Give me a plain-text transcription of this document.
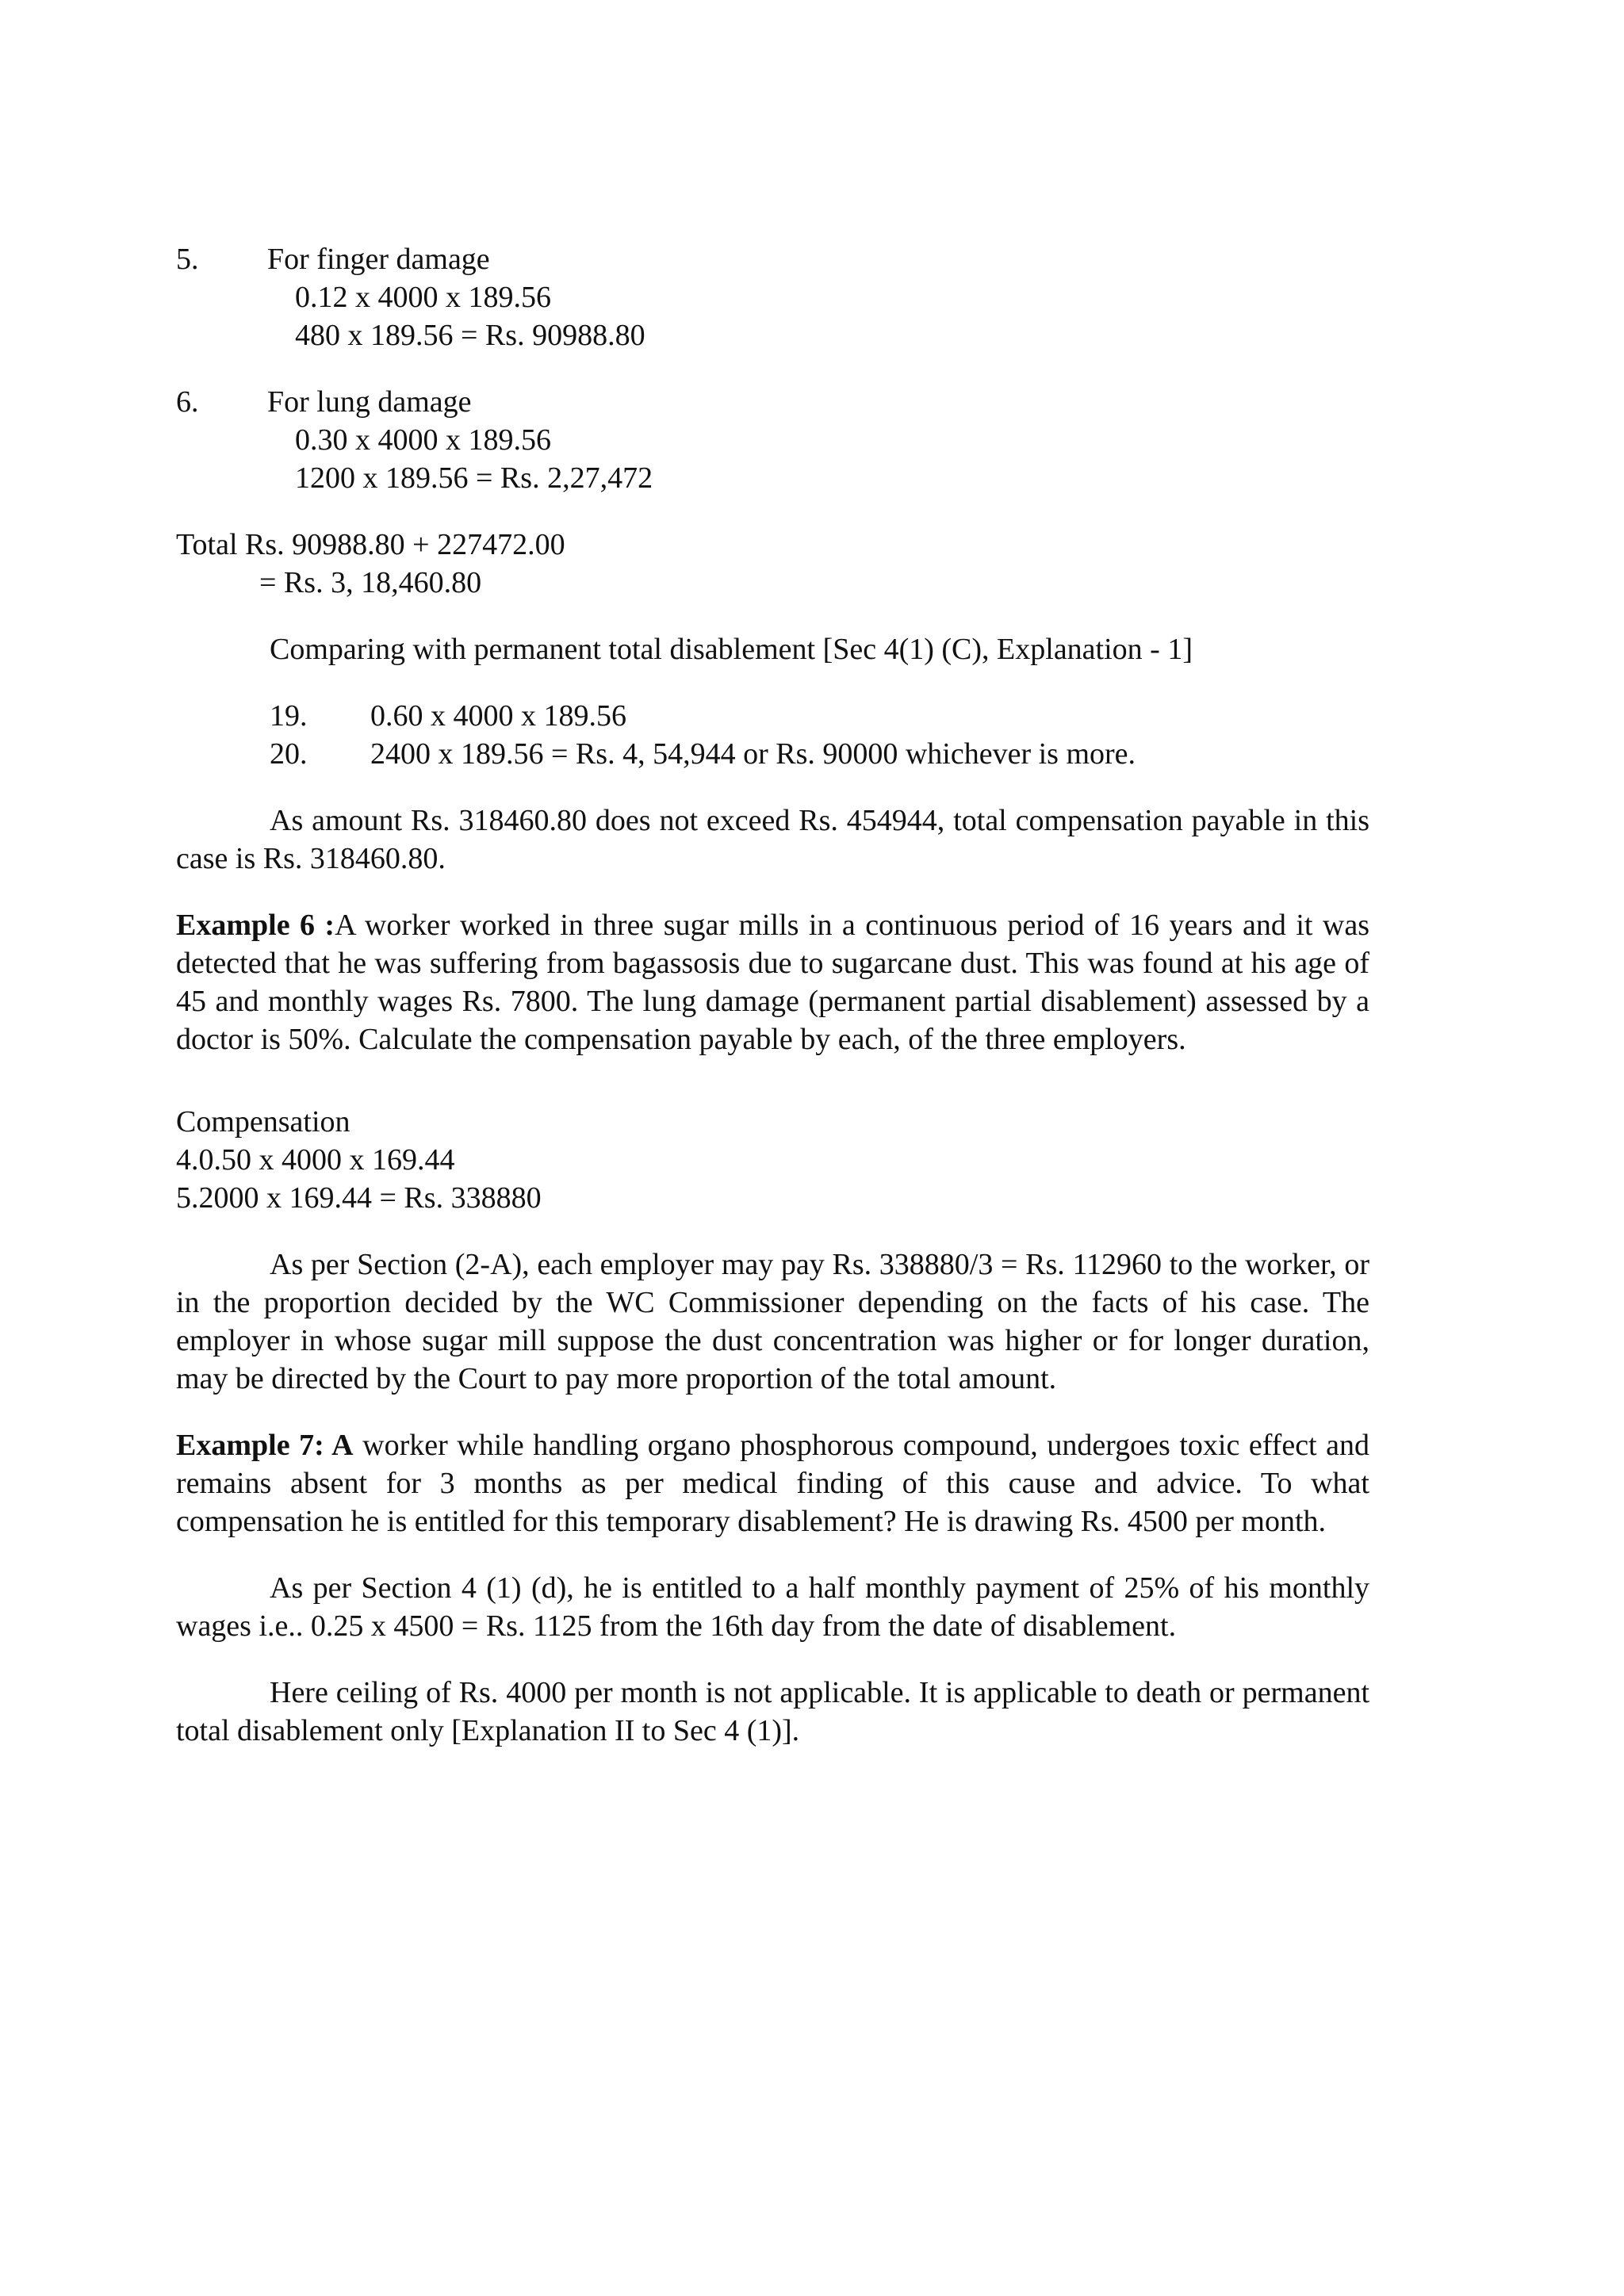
5. For finger damage
0.12 x 4000 x 189.56
480 x 189.56 = Rs. 90988.80
6. For lung damage
0.30 x 4000 x 189.56
1200 x 189.56 = Rs. 2,27,472
Total Rs. 90988.80 + 227472.00
= Rs. 3, 18,460.80
Comparing with permanent total disablement [Sec 4(1) (C), Explanation - 1]
19. 0.60 x 4000 x 189.56
20. 2400 x 189.56 = Rs. 4, 54,944 or Rs. 90000 whichever is more.

As amount Rs. 318460.80 does not exceed Rs. 454944, total compensation payable in this case is Rs. 318460.80.

Example 6 :A worker worked in three sugar mills in a continuous period of 16 years and it was detected that he was suffering from bagassosis due to sugarcane dust. This was found at his age of 45 and monthly wages Rs. 7800. The lung damage (permanent partial disablement) assessed by a doctor is 50%. Calculate the compensation payable by each, of the three employers.

Compensation
4.0.50 x 4000 x 169.44
5.2000 x 169.44 = Rs. 338880

As per Section (2-A), each employer may pay Rs. 338880/3 = Rs. 112960 to the worker, or in the proportion decided by the WC Commissioner depending on the facts of his case. The employer in whose sugar mill suppose the dust concentration was higher or for longer duration, may be directed by the Court to pay more proportion of the total amount.

Example 7: A worker while handling organo phosphorous compound, undergoes toxic effect and remains absent for 3 months as per medical finding of this cause and advice. To what compensation he is entitled for this temporary disablement? He is drawing Rs. 4500 per month.

As per Section 4 (1) (d), he is entitled to a half monthly payment of 25% of his monthly wages i.e.. 0.25 x 4500 = Rs. 1125 from the 16th day from the date of disablement.

Here ceiling of Rs. 4000 per month is not applicable. It is applicable to death or permanent total disablement only [Explanation II to Sec 4 (1)].
